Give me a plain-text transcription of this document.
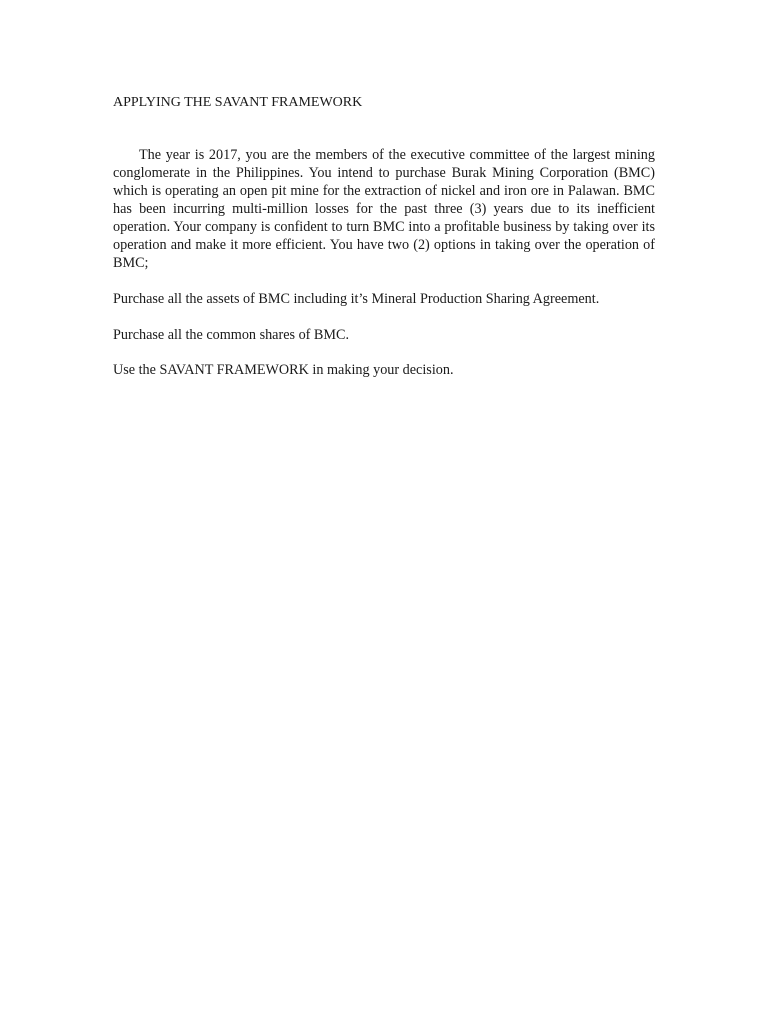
APPLYING THE SAVANT FRAMEWORK

The year is 2017, you are the members of the executive committee of the largest mining conglomerate in the Philippines. You intend to purchase Burak Mining Corporation (BMC) which is operating an open pit mine for the extraction of nickel and iron ore in Palawan. BMC has been incurring multi-million losses for the past three (3) years due to its inefficient operation. Your company is confident to turn BMC into a profitable business by taking over its operation and make it more efficient. You have two (2) options in taking over the operation of BMC;

Purchase all the assets of BMC including it’s Mineral Production Sharing Agreement.

Purchase all the common shares of BMC.

Use the SAVANT FRAMEWORK in making your decision.
